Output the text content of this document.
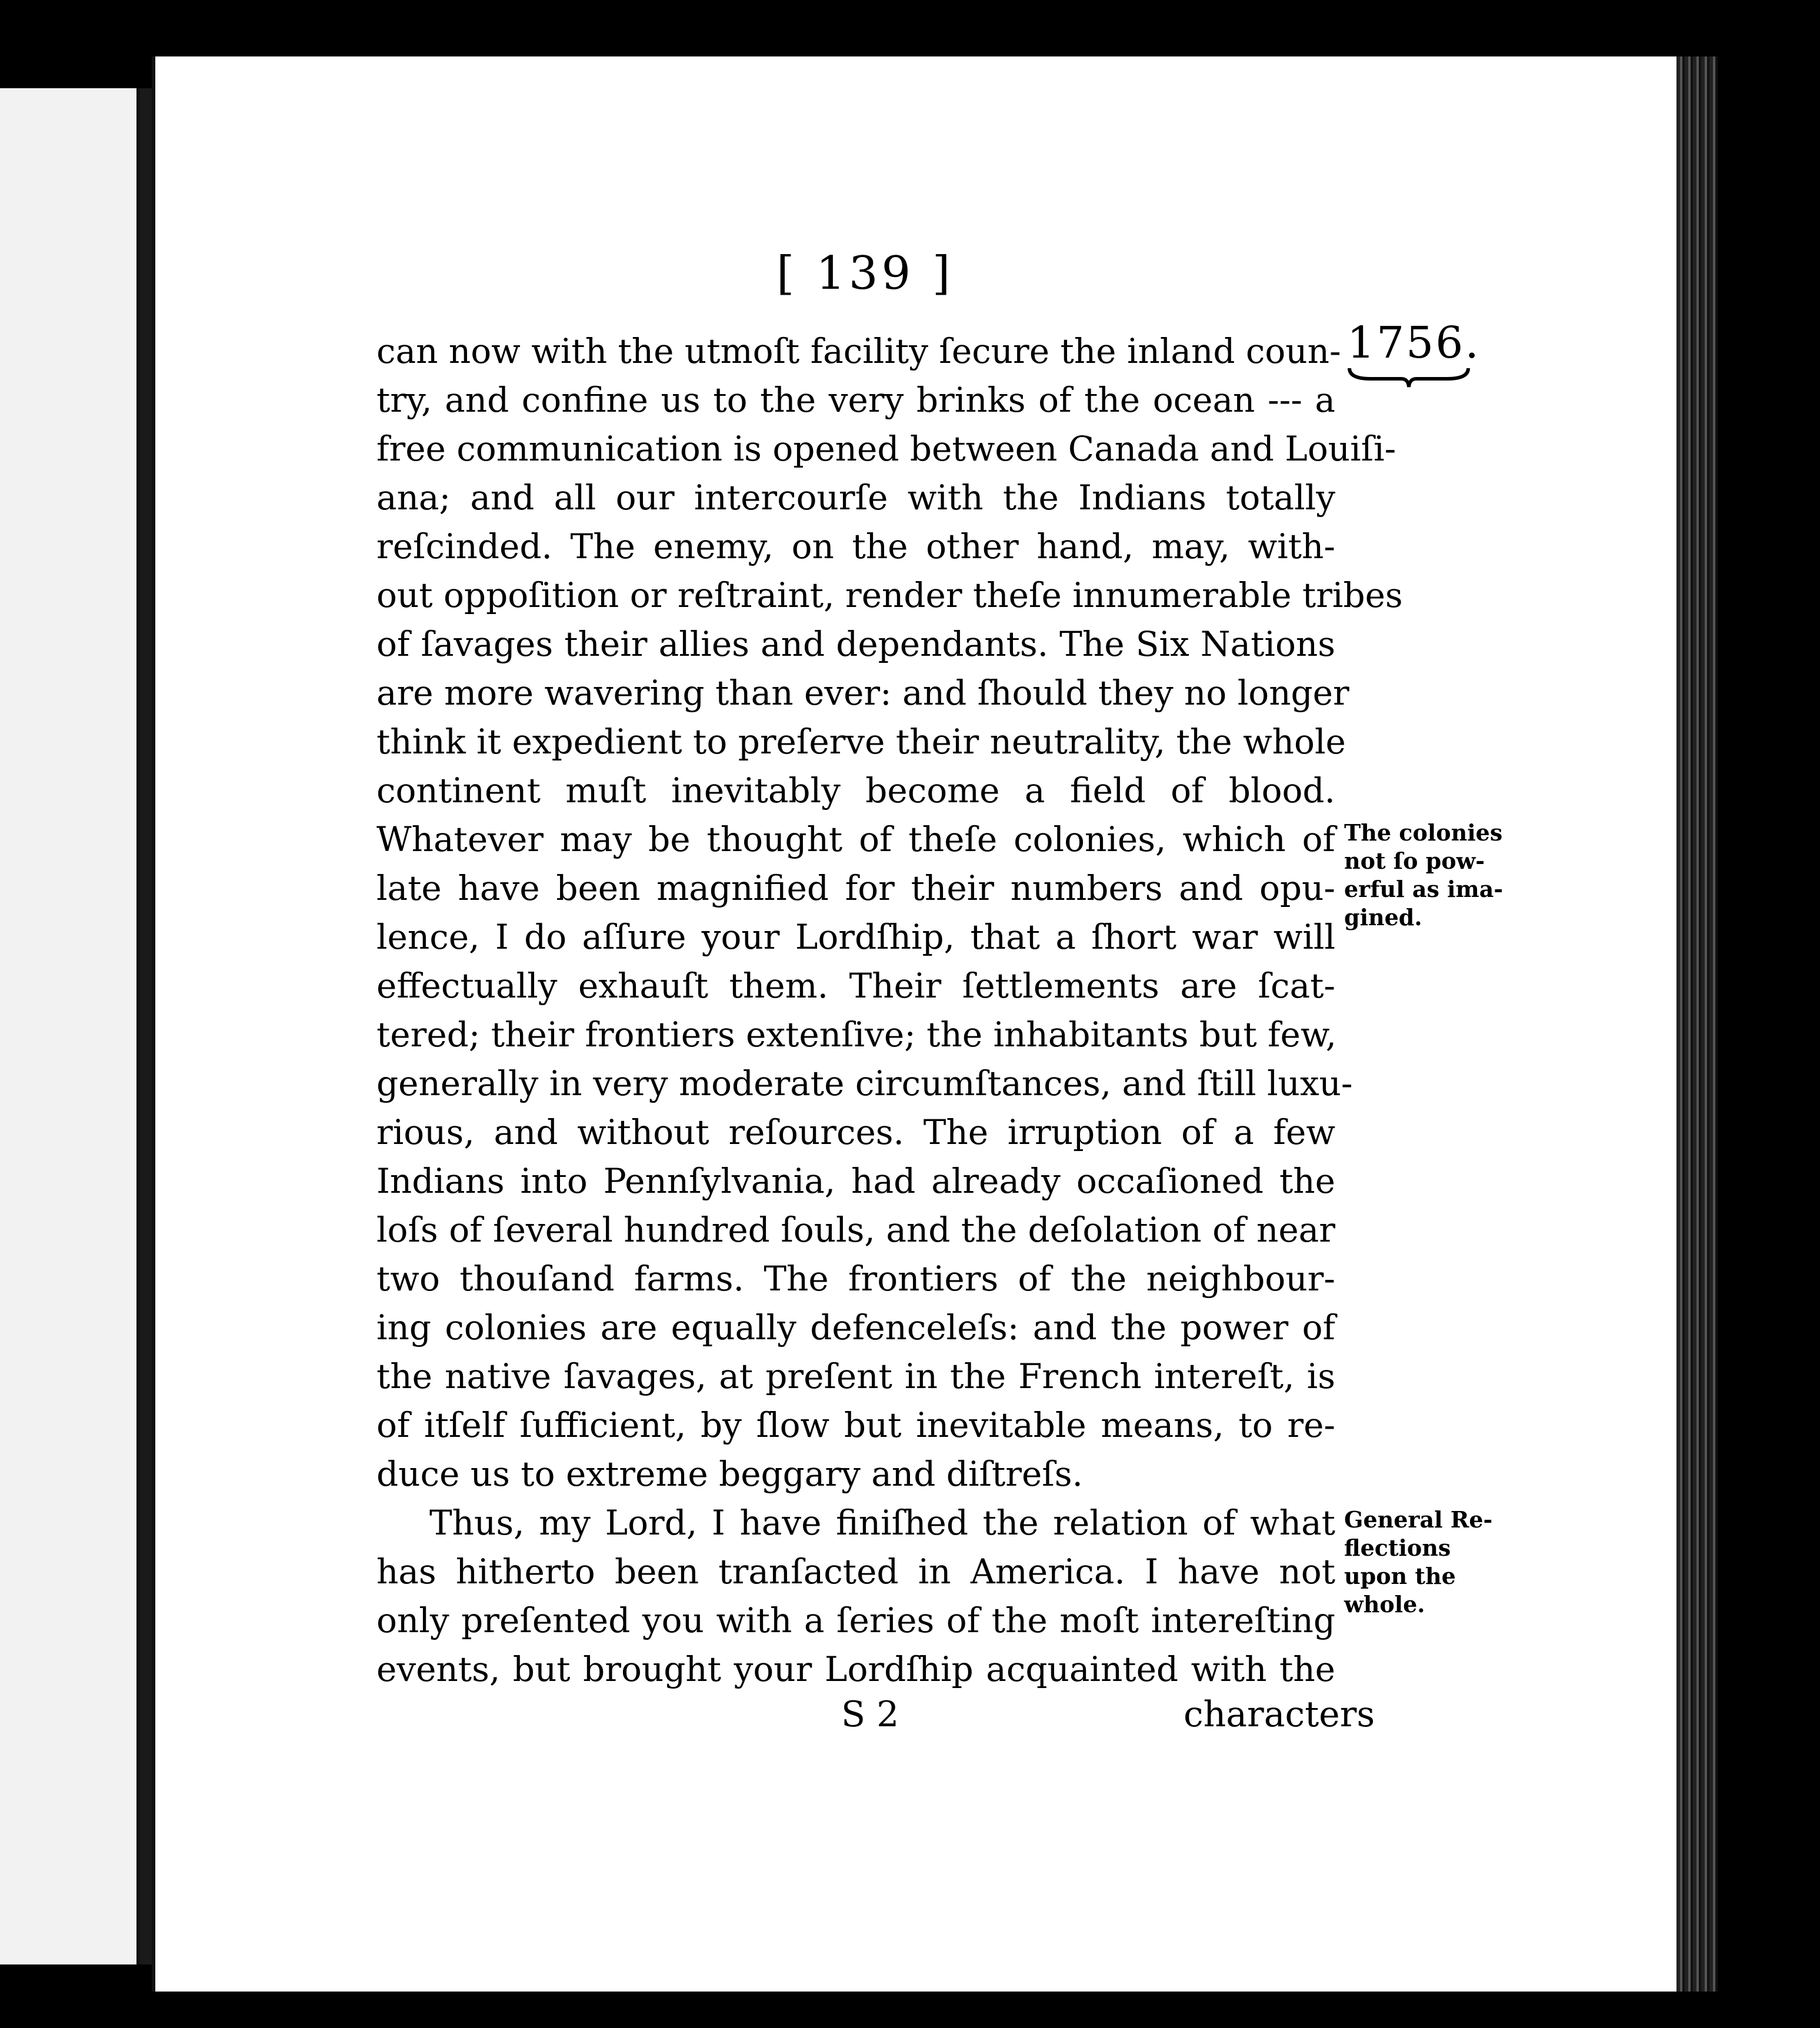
[ 139 ]
1756.
can now with the utmoſt facility ſecure the inland coun-
try, and confine us to the very brinks of the ocean --- a
free communication is opened between Canada and Louiſi-
ana; and all our intercourſe with the Indians totally
reſcinded. The enemy, on the other hand, may, with-
out oppoſition or reſtraint, render theſe innumerable tribes
of ſavages their allies and dependants. The Six Nations
are more wavering than ever: and ſhould they no longer
think it expedient to preſerve their neutrality, the whole
continent muſt inevitably become a field of blood.
Whatever may be thought of theſe colonies, which of
late have been magnified for their numbers and opu-
lence, I do aſſure your Lordſhip, that a ſhort war will
effectually exhauſt them. Their ſettlements are ſcat-
tered; their frontiers extenſive; the inhabitants but few,
generally in very moderate circumſtances, and ſtill luxu-
rious, and without reſources. The irruption of a few
Indians into Pennſylvania, had already occaſioned the
loſs of ſeveral hundred ſouls, and the deſolation of near
two thouſand farms. The frontiers of the neighbour-
ing colonies are equally defenceleſs: and the power of
the native ſavages, at preſent in the French intereſt, is
of itſelf ſufficient, by ſlow but inevitable means, to re-
duce us to extreme beggary and diſtreſs.
Thus, my Lord, I have finiſhed the relation of what
has hitherto been tranſacted in America. I have not
only preſented you with a ſeries of the moſt intereſting
events, but brought your Lordſhip acquainted with the
The colonies
not ſo pow-
erful as ima-
gined.
General Re-
flections
upon the
whole.
S 2	characters
